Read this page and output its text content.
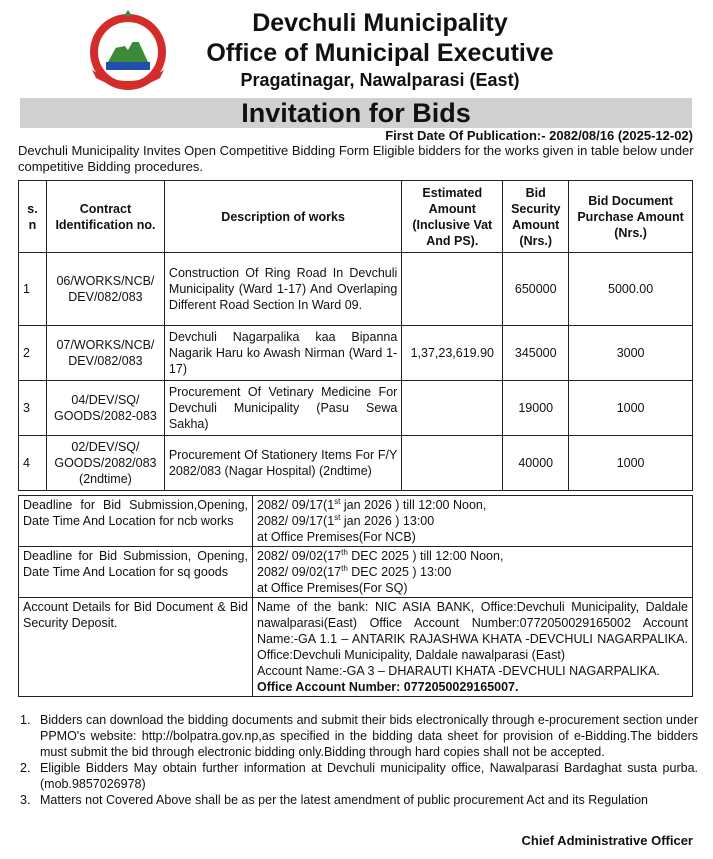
Devchuli Municipality
Office of Municipal Executive
Pragatinagar, Nawalparasi (East)
Invitation for Bids
First Date Of Publication:- 2082/08/16 (2025-12-02)
Devchuli Municipality Invites Open Competitive Bidding Form Eligible bidders for the works given in table below under competitive Bidding procedures.
s.
n	Contract Identification no.	Description of works	Estimated Amount (Inclusive Vat And PS).	Bid Security Amount (Nrs.)	Bid Document Purchase Amount (Nrs.)
1	06/WORKS/NCB/ DEV/082/083	Construction Of Ring Road In Devchuli Municipality (Ward 1-17) And Overlaping Different Road Section In Ward 09.		650000	5000.00
2	07/WORKS/NCB/ DEV/082/083	Devchuli Nagarpalika kaa Bipanna Nagarik Haru ko Awash Nirman (Ward 1-17)	1,37,23,619.90	345000	3000
3	04/DEV/SQ/ GOODS/2082-083	Procurement Of Vetinary Medicine For Devchuli Municipality (Pasu Sewa Sakha)		19000	1000
4	02/DEV/SQ/ GOODS/2082/083 (2ndtime)	Procurement Of Stationery Items For F/Y 2082/083 (Nagar Hospital) (2ndtime)		40000	1000
Deadline for Bid Submission,Opening, Date Time And Location for ncb works	2082/ 09/17(1st jan 2026 ) till 12:00 Noon,
2082/ 09/17(1st jan 2026 ) 13:00
at Office Premises(For NCB)

Deadline for Bid Submission, Opening, Date Time And Location for sq goods	2082/ 09/02(17th DEC 2025 ) till 12:00 Noon,
2082/ 09/02(17th DEC 2025 ) 13:00
at Office Premises(For SQ)

Account Details for Bid Document & Bid Security Deposit.	Name of the bank: NIC ASIA BANK, Office:Devchuli Municipality, Daldale nawalparasi(East) Office Account Number:0772050029165002 Account Name:-GA 1.1 – ANTARIK RAJASHWA KHATA -DEVCHULI NAGARPALIKA. Office:Devchuli Municipality, Daldale nawalparasi (East)
Account Name:-GA 3 – DHARAUTI KHATA -DEVCHULI NAGARPALIKA.
Office Account Number: 0772050029165007.
1. Bidders can download the bidding documents and submit their bids electronically through e-procurement section under PPMO's website: http://bolpatra.gov.np,as specified in the bidding data sheet for provision of e-Bidding.The bidders must submit the bid through electronic bidding only.Bidding through hard copies shall not be accepted.
2. Eligible Bidders May obtain further information at Devchuli municipality office, Nawalparasi Bardaghat susta purba. (mob.9857026978)
3. Matters not Covered Above shall be as per the latest amendment of public procurement Act and its Regulation
Chief Administrative Officer
